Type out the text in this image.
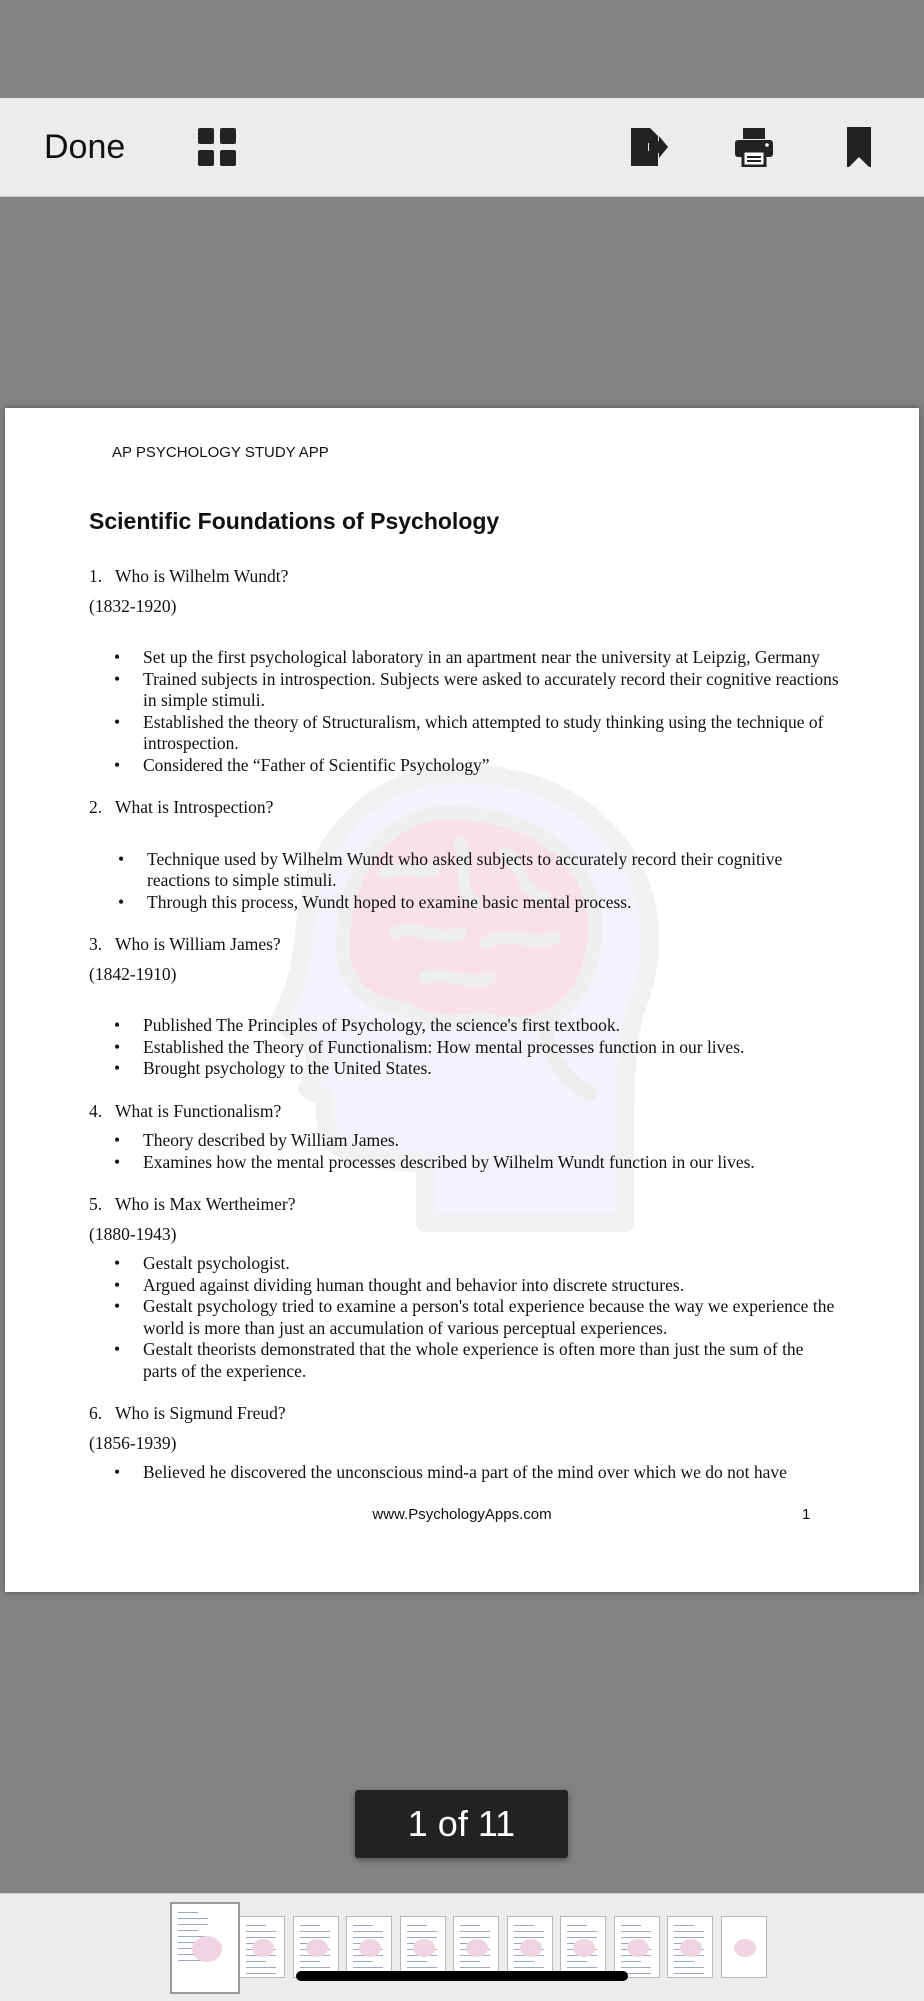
Done
AP PSYCHOLOGY STUDY APP
Scientific Foundations of Psychology

1. Who is Wilhelm Wundt?

(1832-1920)

• Set up the first psychological laboratory in an apartment near the university at Leipzig, Germany
• Trained subjects in introspection. Subjects were asked to accurately record their cognitive reactions in simple stimuli.
• Established the theory of Structuralism, which attempted to study thinking using the technique of introspection.
• Considered the “Father of Scientific Psychology”

2. What is Introspection?

• Technique used by Wilhelm Wundt who asked subjects to accurately record their cognitive reactions to simple stimuli.
• Through this process, Wundt hoped to examine basic mental process.

3. Who is William James?

(1842-1910)

• Published The Principles of Psychology, the science's first textbook.
• Established the Theory of Functionalism: How mental processes function in our lives.
• Brought psychology to the United States.

4. What is Functionalism?

• Theory described by William James.
• Examines how the mental processes described by Wilhelm Wundt function in our lives.

5. Who is Max Wertheimer?

(1880-1943)

• Gestalt psychologist.
• Argued against dividing human thought and behavior into discrete structures.
• Gestalt psychology tried to examine a person's total experience because the way we experience the world is more than just an accumulation of various perceptual experiences.
• Gestalt theorists demonstrated that the whole experience is often more than just the sum of the parts of the experience.

6. Who is Sigmund Freud?

(1856-1939)

• Believed he discovered the unconscious mind-a part of the mind over which we do not have
www.PsychologyApps.com	1
1 of 11
